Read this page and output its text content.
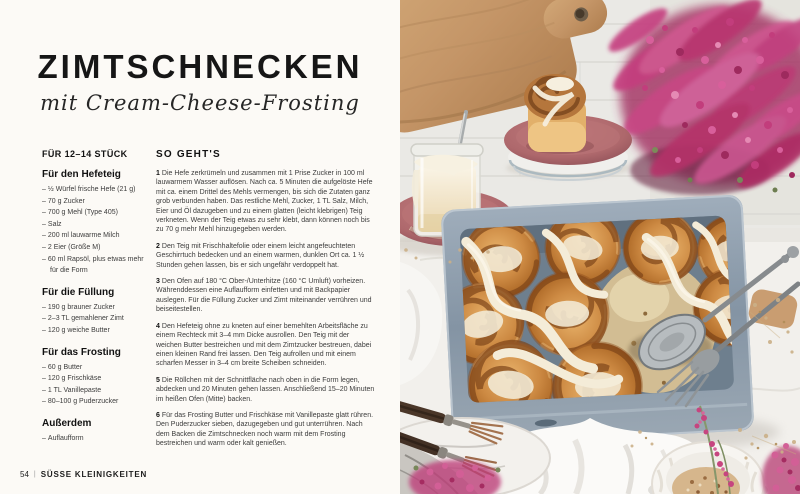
ZIMTSCHNECKEN
mit Cream-Cheese-Frosting
FÜR 12–14 STÜCK
Für den Hefeteig
– ½ Würfel frische Hefe (21 g)
– 70 g Zucker
– 700 g Mehl (Type 405)
– Salz
– 200 ml lauwarme Milch
– 2 Eier (Größe M)
– 60 ml Rapsöl, plus etwas mehr für die Form
Für die Füllung
– 190 g brauner Zucker
– 2–3 TL gemahlener Zimt
– 120 g weiche Butter
Für das Frosting
– 60 g Butter
– 120 g Frischkäse
– 1 TL Vanillepaste
– 80–100 g Puderzucker
Außerdem
– Auflaufform
SO GEHT'S

1 Die Hefe zerkrümeln und zusammen mit 1 Prise Zucker in 100 ml lauwarmem Wasser auflösen. Nach ca. 5 Minuten die aufgelöste Hefe mit ca. einem Drittel des Mehls vermengen, bis sich die Zutaten ganz grob verbunden haben. Das restliche Mehl, Zucker, 1 TL Salz, Milch, Eier und Öl dazugeben und zu einem glatten (leicht klebrigen) Teig verkneten. Wenn der Teig etwas zu sehr klebt, dann können noch bis zu 70 g mehr Mehl hinzugegeben werden.

2 Den Teig mit Frischhaltefolie oder einem leicht angefeuchteten Geschirrtuch bedecken und an einem warmen, dunklen Ort ca. 1 ½ Stunden gehen lassen, bis er sich ungefähr verdoppelt hat.

3 Den Ofen auf 180 °C Ober-/Unterhitze (160 °C Umluft) vorheizen. Währenddessen eine Auflaufform einfetten und mit Backpapier auslegen. Für die Füllung Zucker und Zimt miteinander verrühren und beiseitestellen.

4 Den Hefeteig ohne zu kneten auf einer bemehlten Arbeitsfläche zu einem Rechteck mit 3–4 mm Dicke ausrollen. Den Teig mit der weichen Butter bestreichen und mit dem Zimtzucker bestreuen, dabei einen kleinen Rand frei lassen. Den Teig aufrollen und mit einem scharfen Messer in 3–4 cm breite Scheiben schneiden.

5 Die Röllchen mit der Schnittfläche nach oben in die Form legen, abdecken und 20 Minuten gehen lassen. Anschließend 15–20 Minuten im heißen Ofen (Mitte) backen.

6 Für das Frosting Butter und Frischkäse mit Vanillepaste glatt rühren. Den Puderzucker sieben, dazugegeben und gut unterrühren. Nach dem Backen die Zimtschnecken noch warm mit dem Frosting bestreichen und warm oder kalt genießen.

54 | SÜSSE KLEINIGKEITEN
